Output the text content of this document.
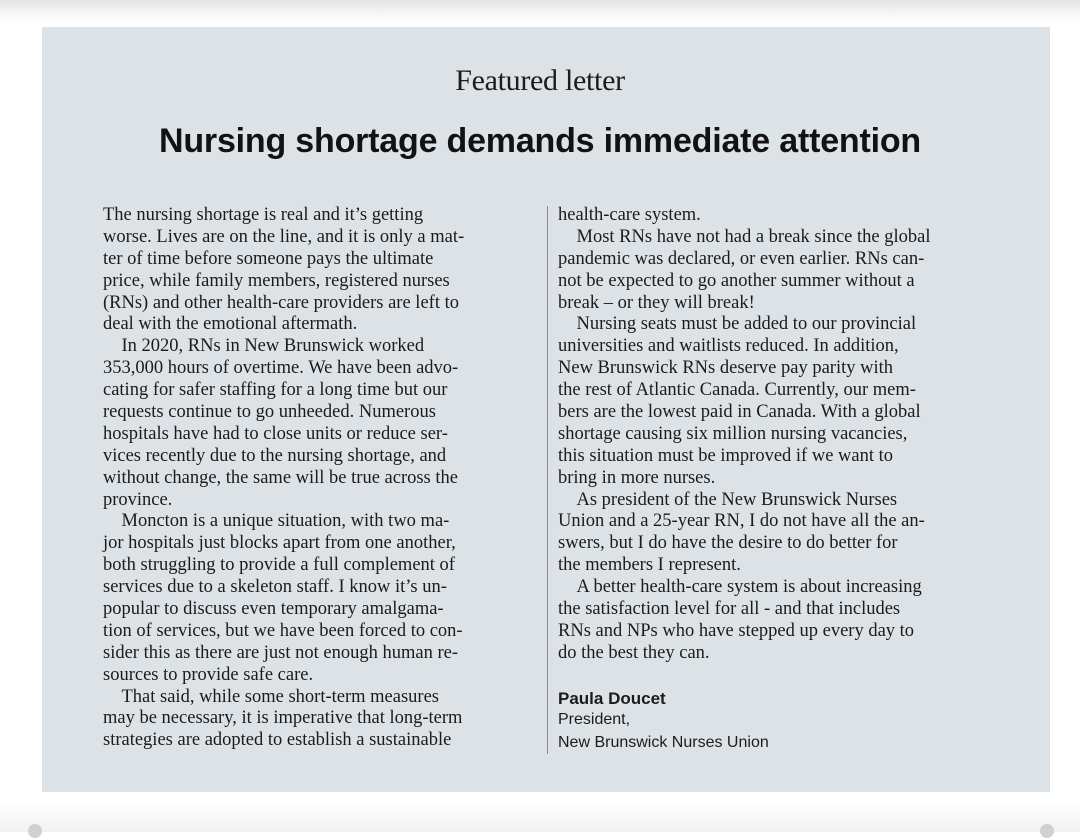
Featured letter
Nursing shortage demands immediate attention
The nursing shortage is real and it’s getting
worse. Lives are on the line, and it is only a mat-
ter of time before someone pays the ultimate
price, while family members, registered nurses
(RNs) and other health-care providers are left to
deal with the emotional aftermath.
 In 2020, RNs in New Brunswick worked
353,000 hours of overtime. We have been advo-
cating for safer staffing for a long time but our
requests continue to go unheeded. Numerous
hospitals have had to close units or reduce ser-
vices recently due to the nursing shortage, and
without change, the same will be true across the
province.
 Moncton is a unique situation, with two ma-
jor hospitals just blocks apart from one another,
both struggling to provide a full complement of
services due to a skeleton staff. I know it’s un-
popular to discuss even temporary amalgama-
tion of services, but we have been forced to con-
sider this as there are just not enough human re-
sources to provide safe care.
 That said, while some short-term measures
may be necessary, it is imperative that long-term
strategies are adopted to establish a sustainable
health-care system.
 Most RNs have not had a break since the global
pandemic was declared, or even earlier. RNs can-
not be expected to go another summer without a
break – or they will break!
 Nursing seats must be added to our provincial
universities and waitlists reduced. In addition,
New Brunswick RNs deserve pay parity with
the rest of Atlantic Canada. Currently, our mem-
bers are the lowest paid in Canada. With a global
shortage causing six million nursing vacancies,
this situation must be improved if we want to
bring in more nurses.
 As president of the New Brunswick Nurses
Union and a 25-year RN, I do not have all the an-
swers, but I do have the desire to do better for
the members I represent.
 A better health-care system is about increasing
the satisfaction level for all - and that includes
RNs and NPs who have stepped up every day to
do the best they can.
Paula Doucet
President,
New Brunswick Nurses Union
